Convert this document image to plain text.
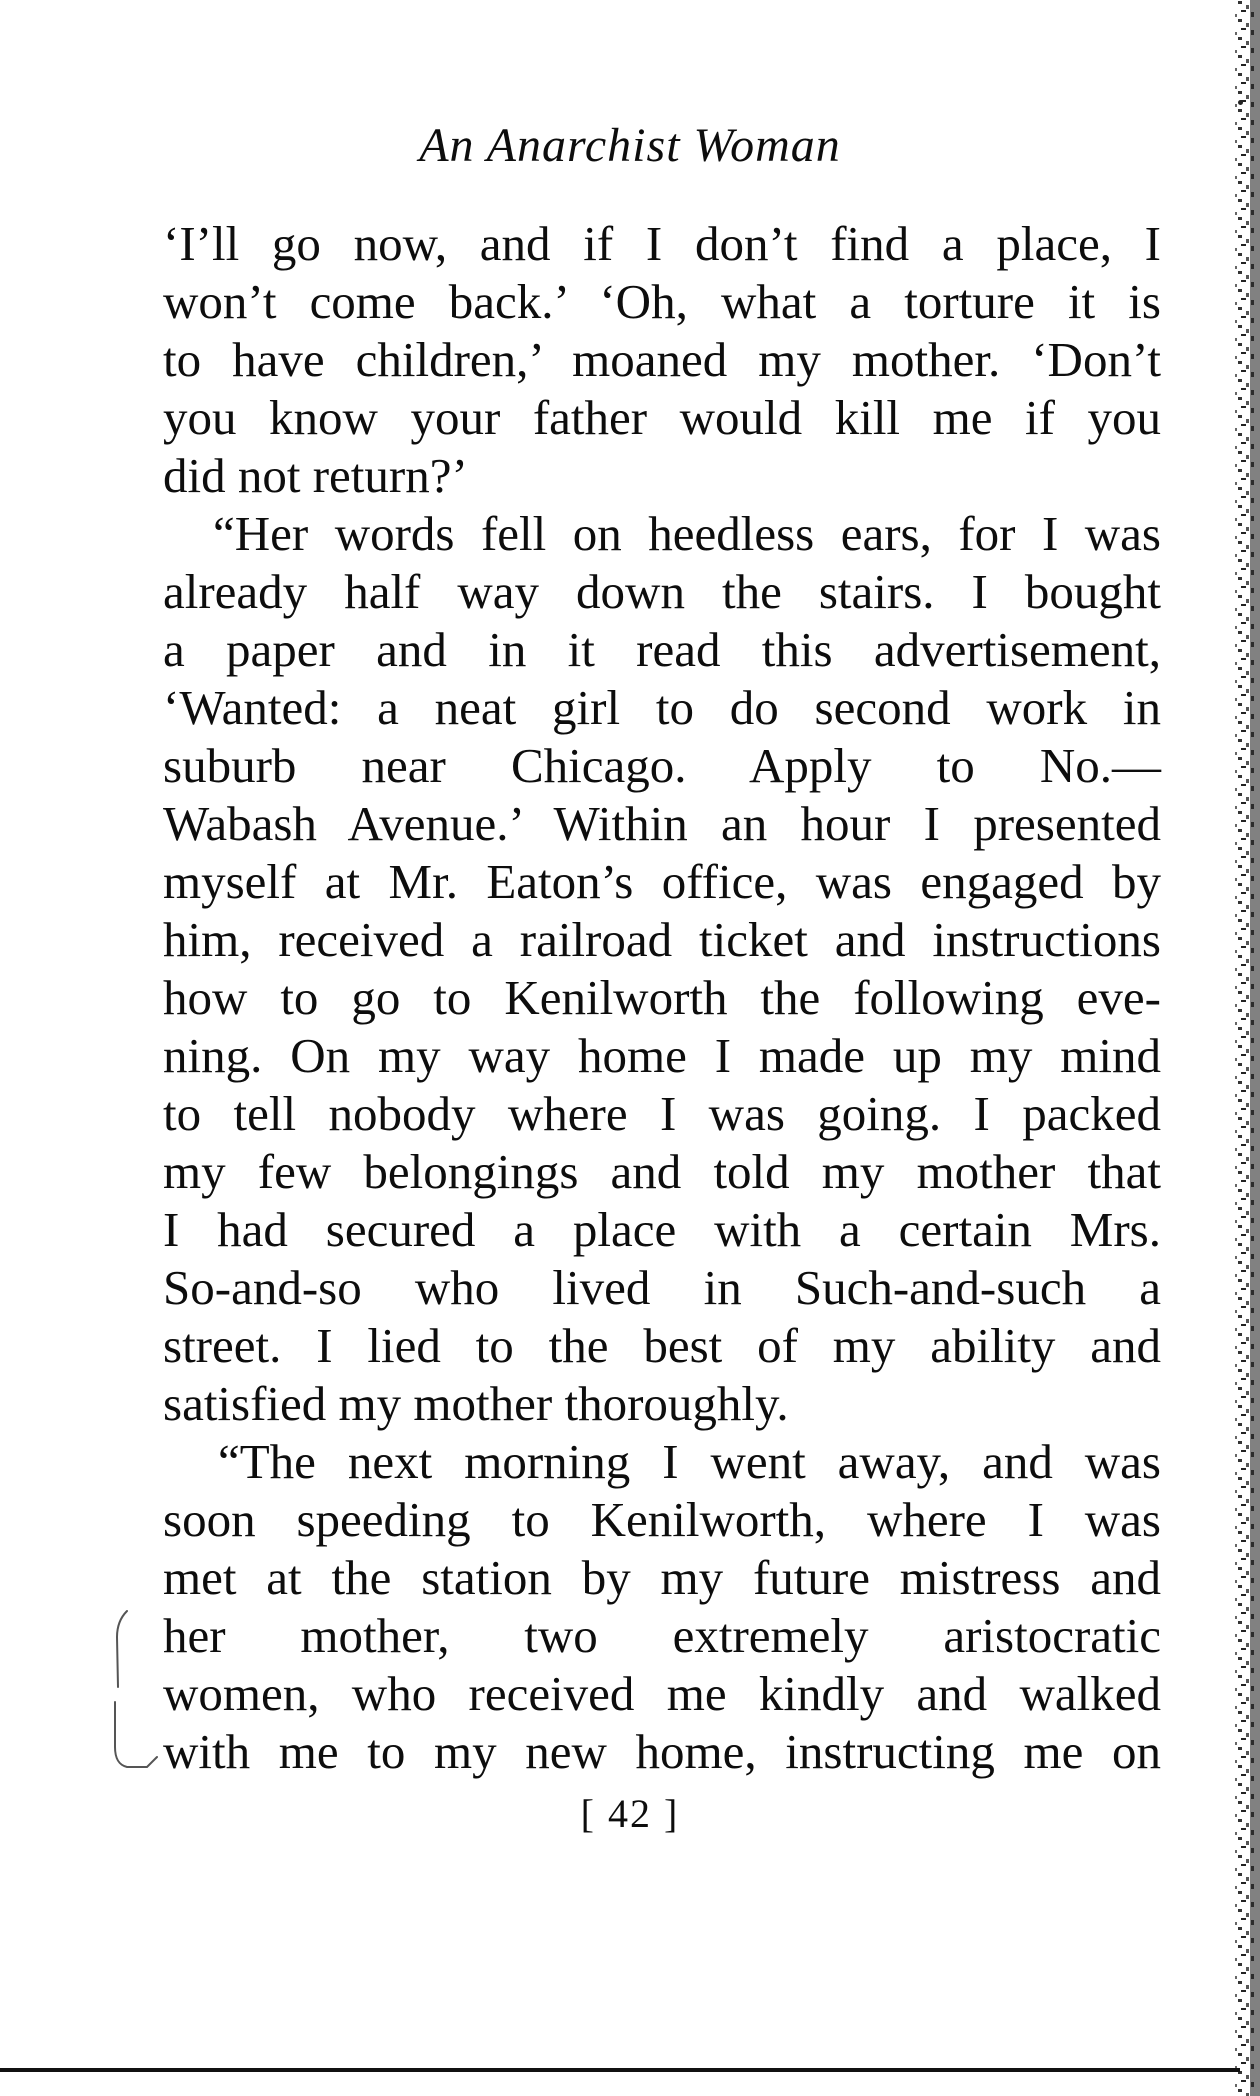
An Anarchist Woman
‘I’ll go now, and if I don’t find a place, I
won’t come back.’ ‘Oh, what a torture it is
to have children,’ moaned my mother. ‘Don’t
you know your father would kill me if you
did not return?’
“Her words fell on heedless ears, for I was
already half way down the stairs. I bought
a paper and in it read this advertisement,
‘Wanted: a neat girl to do second work in
suburb near Chicago. Apply to No.—
Wabash Avenue.’ Within an hour I presented
myself at Mr. Eaton’s office, was engaged by
him, received a railroad ticket and instructions
how to go to Kenilworth the following eve-
ning. On my way home I made up my mind
to tell nobody where I was going. I packed
my few belongings and told my mother that
I had secured a place with a certain Mrs.
So-and-so who lived in Such-and-such a
street. I lied to the best of my ability and
satisfied my mother thoroughly.
“The next morning I went away, and was
soon speeding to Kenilworth, where I was
met at the station by my future mistress and
her mother, two extremely aristocratic
women, who received me kindly and walked
with me to my new home, instructing me on
[ 42 ]
